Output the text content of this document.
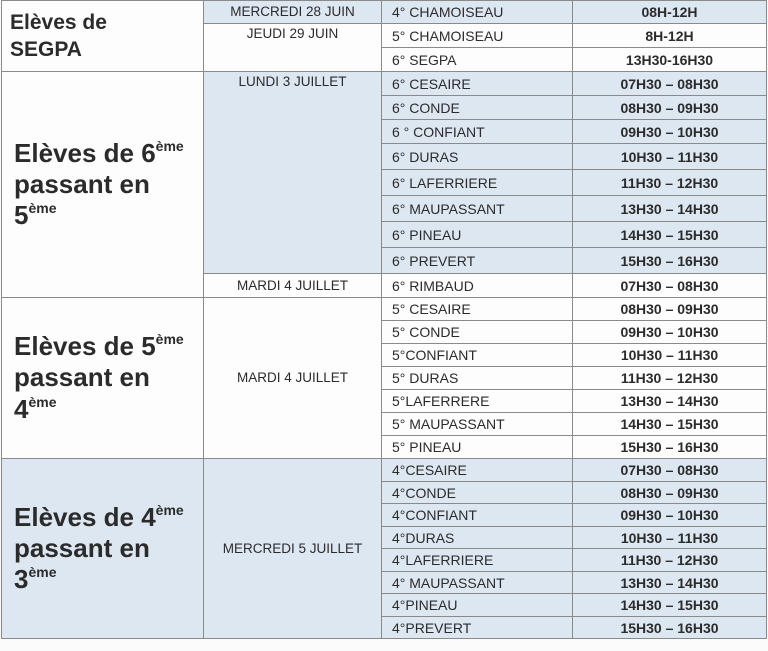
Elèves de
SEGPA	MERCREDI 28 JUIN	4° CHAMOISEAU	08H-12H
	JEUDI 29 JUIN	5° CHAMOISEAU	8H-12H
		6° SEGPA	13H30-16H30
Elèves de 6ème
passant en
5ème	LUNDI 3 JUILLET	6° CESAIRE	07H30 – 08H30
		6° CONDE	08H30 – 09H30
		6 ° CONFIANT	09H30 – 10H30
		6° DURAS	10H30 – 11H30
		6° LAFERRIERE	11H30 – 12H30
		6° MAUPASSANT	13H30 – 14H30
		6° PINEAU	14H30 – 15H30
		6° PREVERT	15H30 – 16H30
	MARDI 4 JUILLET	6° RIMBAUD	07H30 – 08H30
Elèves de 5ème
passant en
4ème	MARDI 4 JUILLET	5° CESAIRE	08H30 – 09H30
		5° CONDE	09H30 – 10H30
		5°CONFIANT	10H30 – 11H30
		5° DURAS	11H30 – 12H30
		5°LAFERRERE	13H30 – 14H30
		5° MAUPASSANT	14H30 – 15H30
		5° PINEAU	15H30 – 16H30
Elèves de 4ème
passant en
3ème	MERCREDI 5 JUILLET	4°CESAIRE	07H30 – 08H30
		4°CONDE	08H30 – 09H30
		4°CONFIANT	09H30 – 10H30
		4°DURAS	10H30 – 11H30
		4°LAFERRIERE	11H30 – 12H30
		4° MAUPASSANT	13H30 – 14H30
		4°PINEAU	14H30 – 15H30
		4°PREVERT	15H30 – 16H30
